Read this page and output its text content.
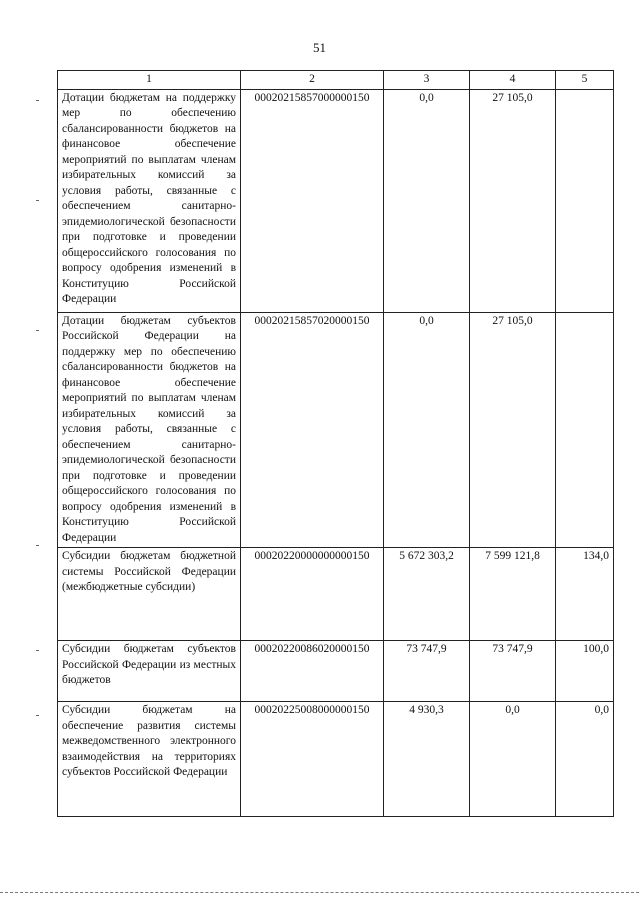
51
1	2	3	4	5
Дотации бюджетам на поддержку мер по обеспечению сбалансированности бюджетов на финансовое обеспечение мероприятий по выплатам членам избирательных комиссий за условия работы, связанные с обеспечением санитарно-эпидемиологической безопасности при подготовке и проведении общероссийского голосования по вопросу одобрения изменений в Конституцию Российской Федерации	00020215857000000150	0,0	27 105,0	
Дотации бюджетам субъектов Российской Федерации на поддержку мер по обеспечению сбалансированности бюджетов на финансовое обеспечение мероприятий по выплатам членам избирательных комиссий за условия работы, связанные с обеспечением санитарно-эпидемиологической безопасности при подготовке и проведении общероссийского голосования по вопросу одобрения изменений в Конституцию Российской Федерации	00020215857020000150	0,0	27 105,0	
Субсидии бюджетам бюджетной системы Российской Федерации (межбюджетные субсидии)	00020220000000000150	5 672 303,2	7 599 121,8	134,0
Субсидии бюджетам субъектов Российской Федерации из местных бюджетов	00020220086020000150	73 747,9	73 747,9	100,0
Субсидии бюджетам на обеспечение развития системы межведомственного электронного взаимодействия на территориях субъектов Российской Федерации	00020225008000000150	4 930,3	0,0	0,0
